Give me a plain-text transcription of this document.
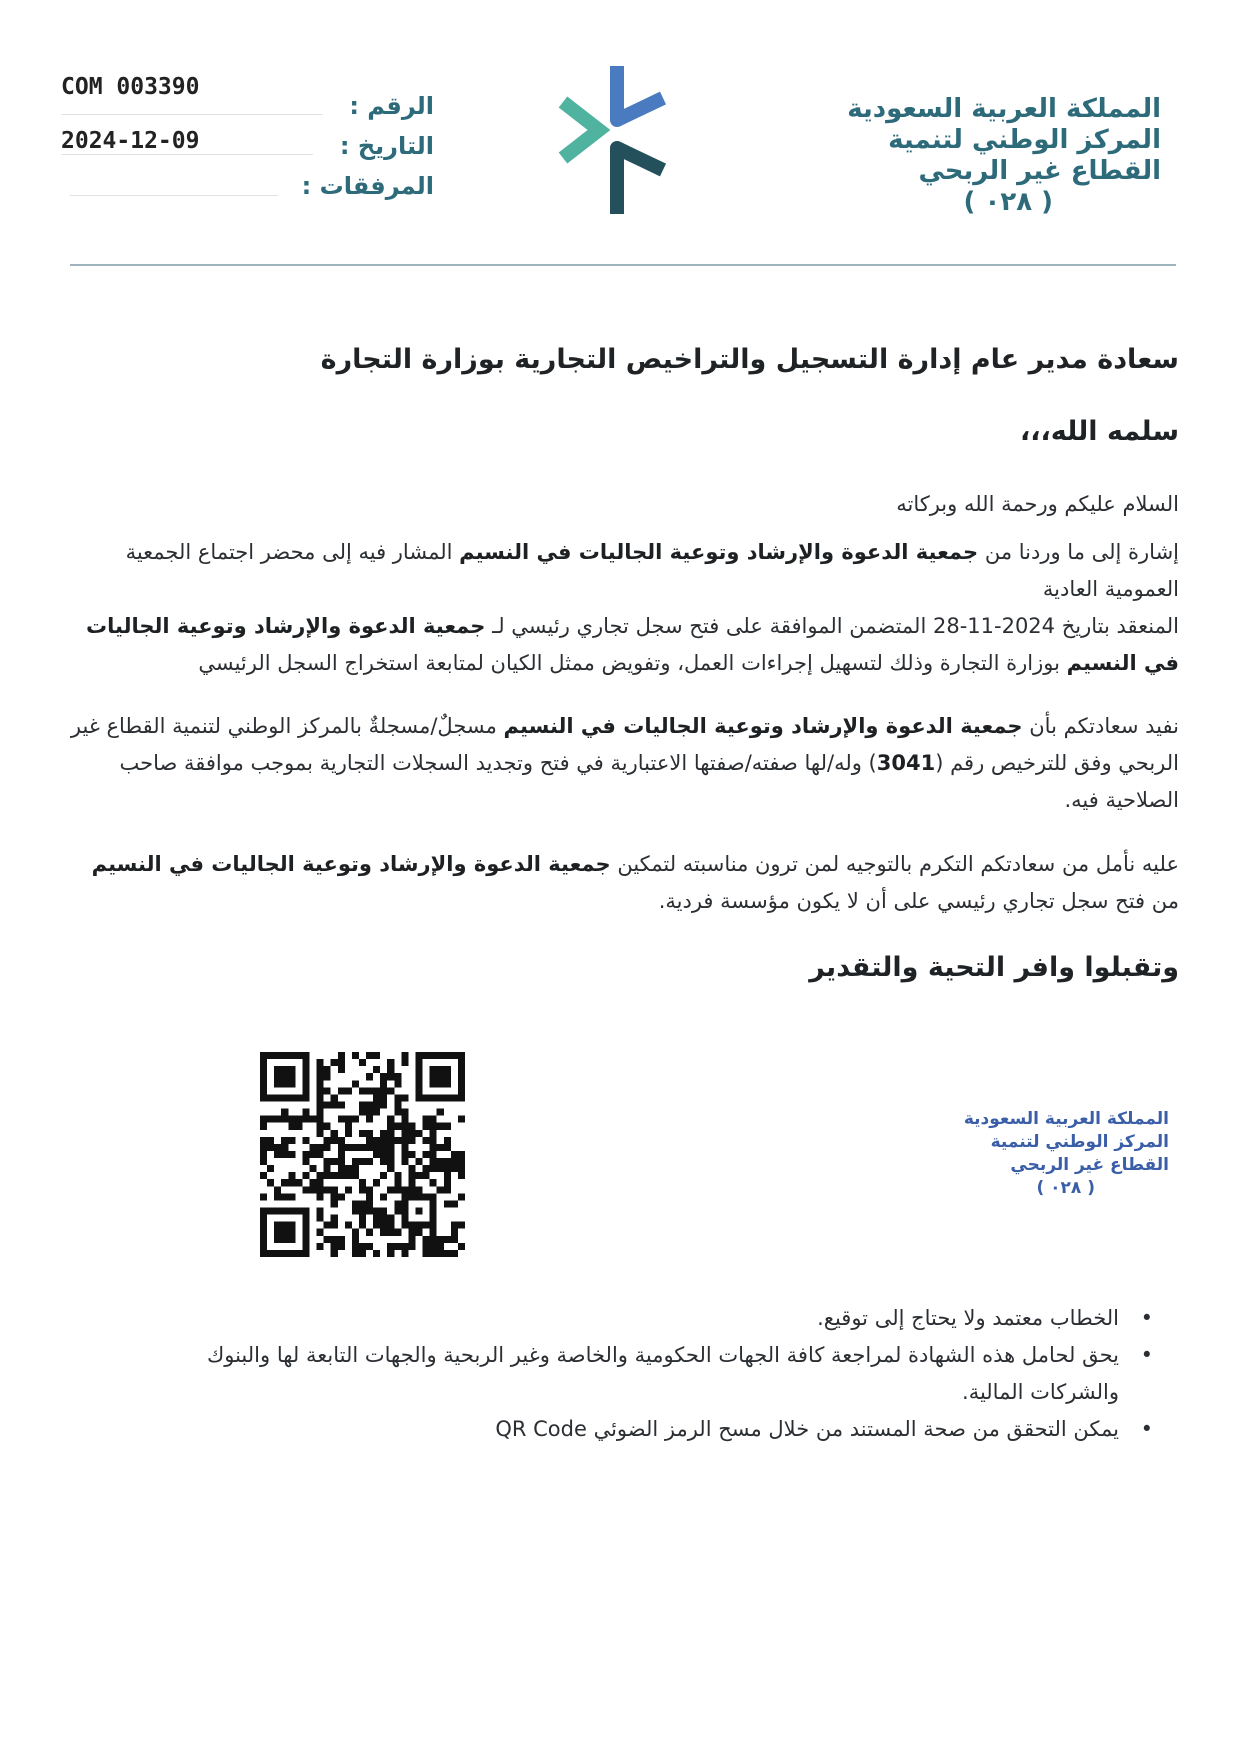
COM 003390
الرقم :
2024-12-09	التاريخ :
المرفقات :
المملكة العربية السعودية
المركز الوطني لتنمية
القطاع غير الربحي
( ٠٢٨ )
سعادة مدير عام إدارة التسجيل والتراخيص التجارية بوزارة التجارة
سلمه الله،،،
السلام عليكم ورحمة الله وبركاته
إشارة إلى ما وردنا من جمعية الدعوة والإرشاد وتوعية الجاليات في النسيم المشار فيه إلى محضر اجتماع الجمعية العمومية العادية
المنعقد بتاريخ 2024-11-28 المتضمن الموافقة على فتح سجل تجاري رئيسي لـ جمعية الدعوة والإرشاد وتوعية الجاليات في النسيم بوزارة التجارة وذلك لتسهيل إجراءات العمل، وتفويض ممثل الكيان لمتابعة استخراج السجل الرئيسي
نفيد سعادتكم بأن جمعية الدعوة والإرشاد وتوعية الجاليات في النسيم مسجلٌ/مسجلةٌ بالمركز الوطني لتنمية القطاع غير الربحي وفق للترخيص رقم (3041) وله/لها صفته/صفتها الاعتبارية في فتح وتجديد السجلات التجارية بموجب موافقة صاحب الصلاحية فيه.
عليه نأمل من سعادتكم التكرم بالتوجيه لمن ترون مناسبته لتمكين جمعية الدعوة والإرشاد وتوعية الجاليات في النسيم من فتح سجل تجاري رئيسي على أن لا يكون مؤسسة فردية.
وتقبلوا وافر التحية والتقدير
المملكة العربية السعودية
المركز الوطني لتنمية
القطاع غير الربحي
( ٠٢٨ )
•
الخطاب معتمد ولا يحتاج إلى توقيع.
•
يحق لحامل هذه الشهادة لمراجعة كافة الجهات الحكومية والخاصة وغير الربحية والجهات التابعة لها والبنوك والشركات المالية.
•
يمكن التحقق من صحة المستند من خلال مسح الرمز الضوئي QR Code
